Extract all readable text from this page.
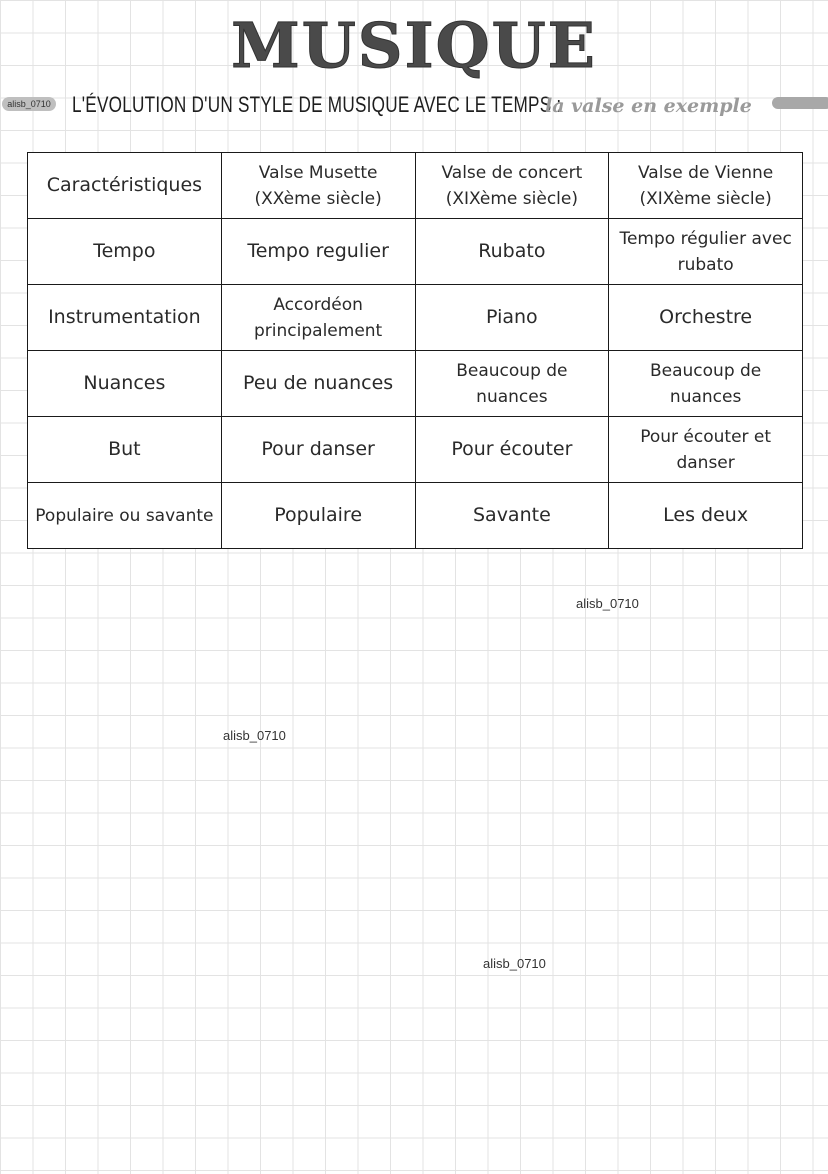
MUSIQUE
alisb_0710 L'ÉVOLUTION D'UN STYLE DE MUSIQUE AVEC LE TEMPS :
la valse en exemple
Caractéristiques	Valse Musette (XXème siècle)	Valse de concert (XIXème siècle)	Valse de Vienne (XIXème siècle)
Tempo	Tempo regulier	Rubato	Tempo régulier avec rubato
Instrumentation	Accordéon principalement	Piano	Orchestre
Nuances	Peu de nuances	Beaucoup de nuances	Beaucoup de nuances
But	Pour danser	Pour écouter	Pour écouter et danser
Populaire ou savante	Populaire	Savante	Les deux
alisb_0710
alisb_0710
alisb_0710
